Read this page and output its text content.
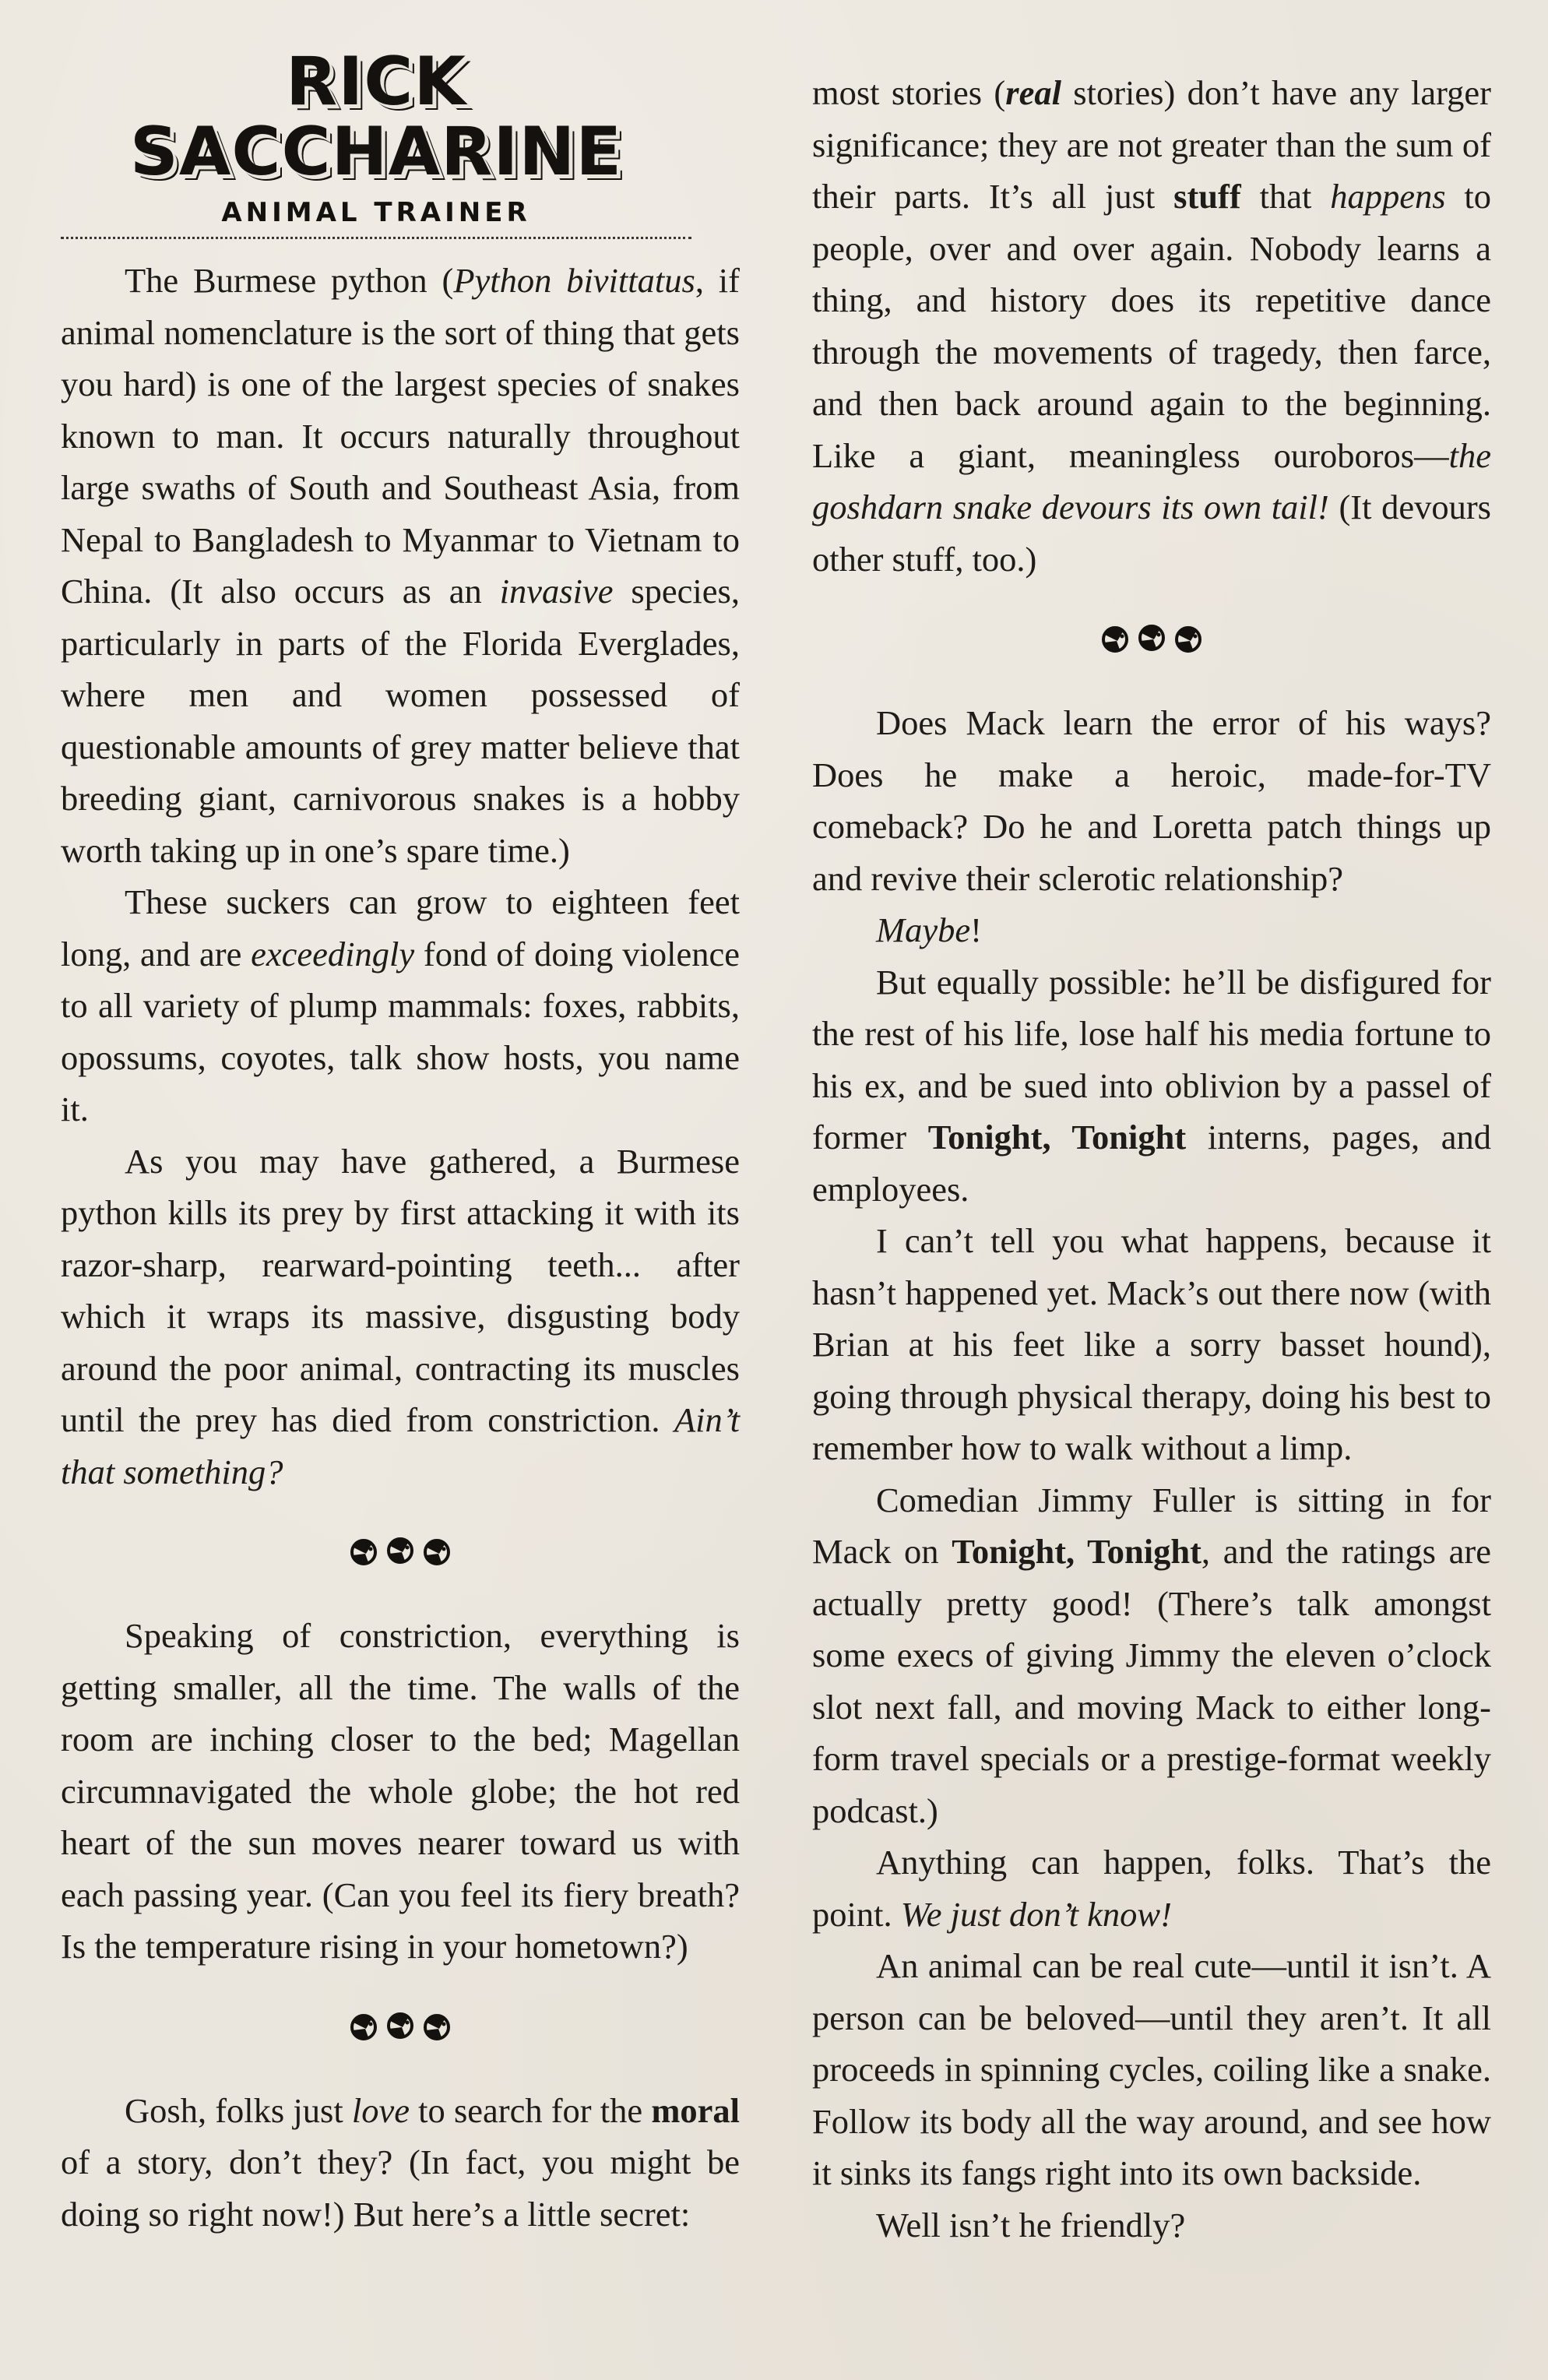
RICK
SACCHARINE
ANIMAL TRAINER

The Burmese python (Python bivittatus, if animal nomenclature is the sort of thing that gets you hard) is one of the largest species of snakes known to man. It occurs naturally throughout large swaths of South and Southeast Asia, from Nepal to Bangladesh to Myanmar to Vietnam to China. (It also occurs as an invasive species, particularly in parts of the Florida Everglades, where men and women possessed of questionable amounts of grey matter believe that breeding giant, carnivorous snakes is a hobby worth taking up in one’s spare time.)

These suckers can grow to eighteen feet long, and are exceedingly fond of doing violence to all variety of plump mammals: foxes, rabbits, opossums, coyotes, talk show hosts, you name it.

As you may have gathered, a Burmese python kills its prey by first attacking it with its razor-sharp, rearward-pointing teeth... after which it wraps its massive, disgusting body around the poor animal, contracting its muscles until the prey has died from constriction. Ain’t that something?

Speaking of constriction, everything is getting smaller, all the time. The walls of the room are inching closer to the bed; Magellan circumnavigated the whole globe; the hot red heart of the sun moves nearer toward us with each passing year. (Can you feel its fiery breath? Is the temperature rising in your hometown?)

Gosh, folks just love to search for the moral of a story, don’t they? (In fact, you might be doing so right now!) But here’s a little secret:

most stories (real stories) don’t have any larger significance; they are not greater than the sum of their parts. It’s all just stuff that happens to people, over and over again. Nobody learns a thing, and history does its repetitive dance through the movements of tragedy, then farce, and then back around again to the beginning. Like a giant, meaningless ouroboros—the goshdarn snake devours its own tail! (It devours other stuff, too.)

Does Mack learn the error of his ways? Does he make a heroic, made-for-TV comeback? Do he and Loretta patch things up and revive their sclerotic relationship?

Maybe!

But equally possible: he’ll be disfigured for the rest of his life, lose half his media fortune to his ex, and be sued into oblivion by a passel of former Tonight, Tonight interns, pages, and employees.

I can’t tell you what happens, because it hasn’t happened yet. Mack’s out there now (with Brian at his feet like a sorry basset hound), going through physical therapy, doing his best to remember how to walk without a limp.

Comedian Jimmy Fuller is sitting in for Mack on Tonight, Tonight, and the ratings are actually pretty good! (There’s talk amongst some execs of giving Jimmy the eleven o’clock slot next fall, and moving Mack to either long-form travel specials or a prestige-format weekly podcast.)

Anything can happen, folks. That’s the point. We just don’t know!

An animal can be real cute—until it isn’t. A person can be beloved—until they aren’t. It all proceeds in spinning cycles, coiling like a snake. Follow its body all the way around, and see how it sinks its fangs right into its own backside.

Well isn’t he friendly?
